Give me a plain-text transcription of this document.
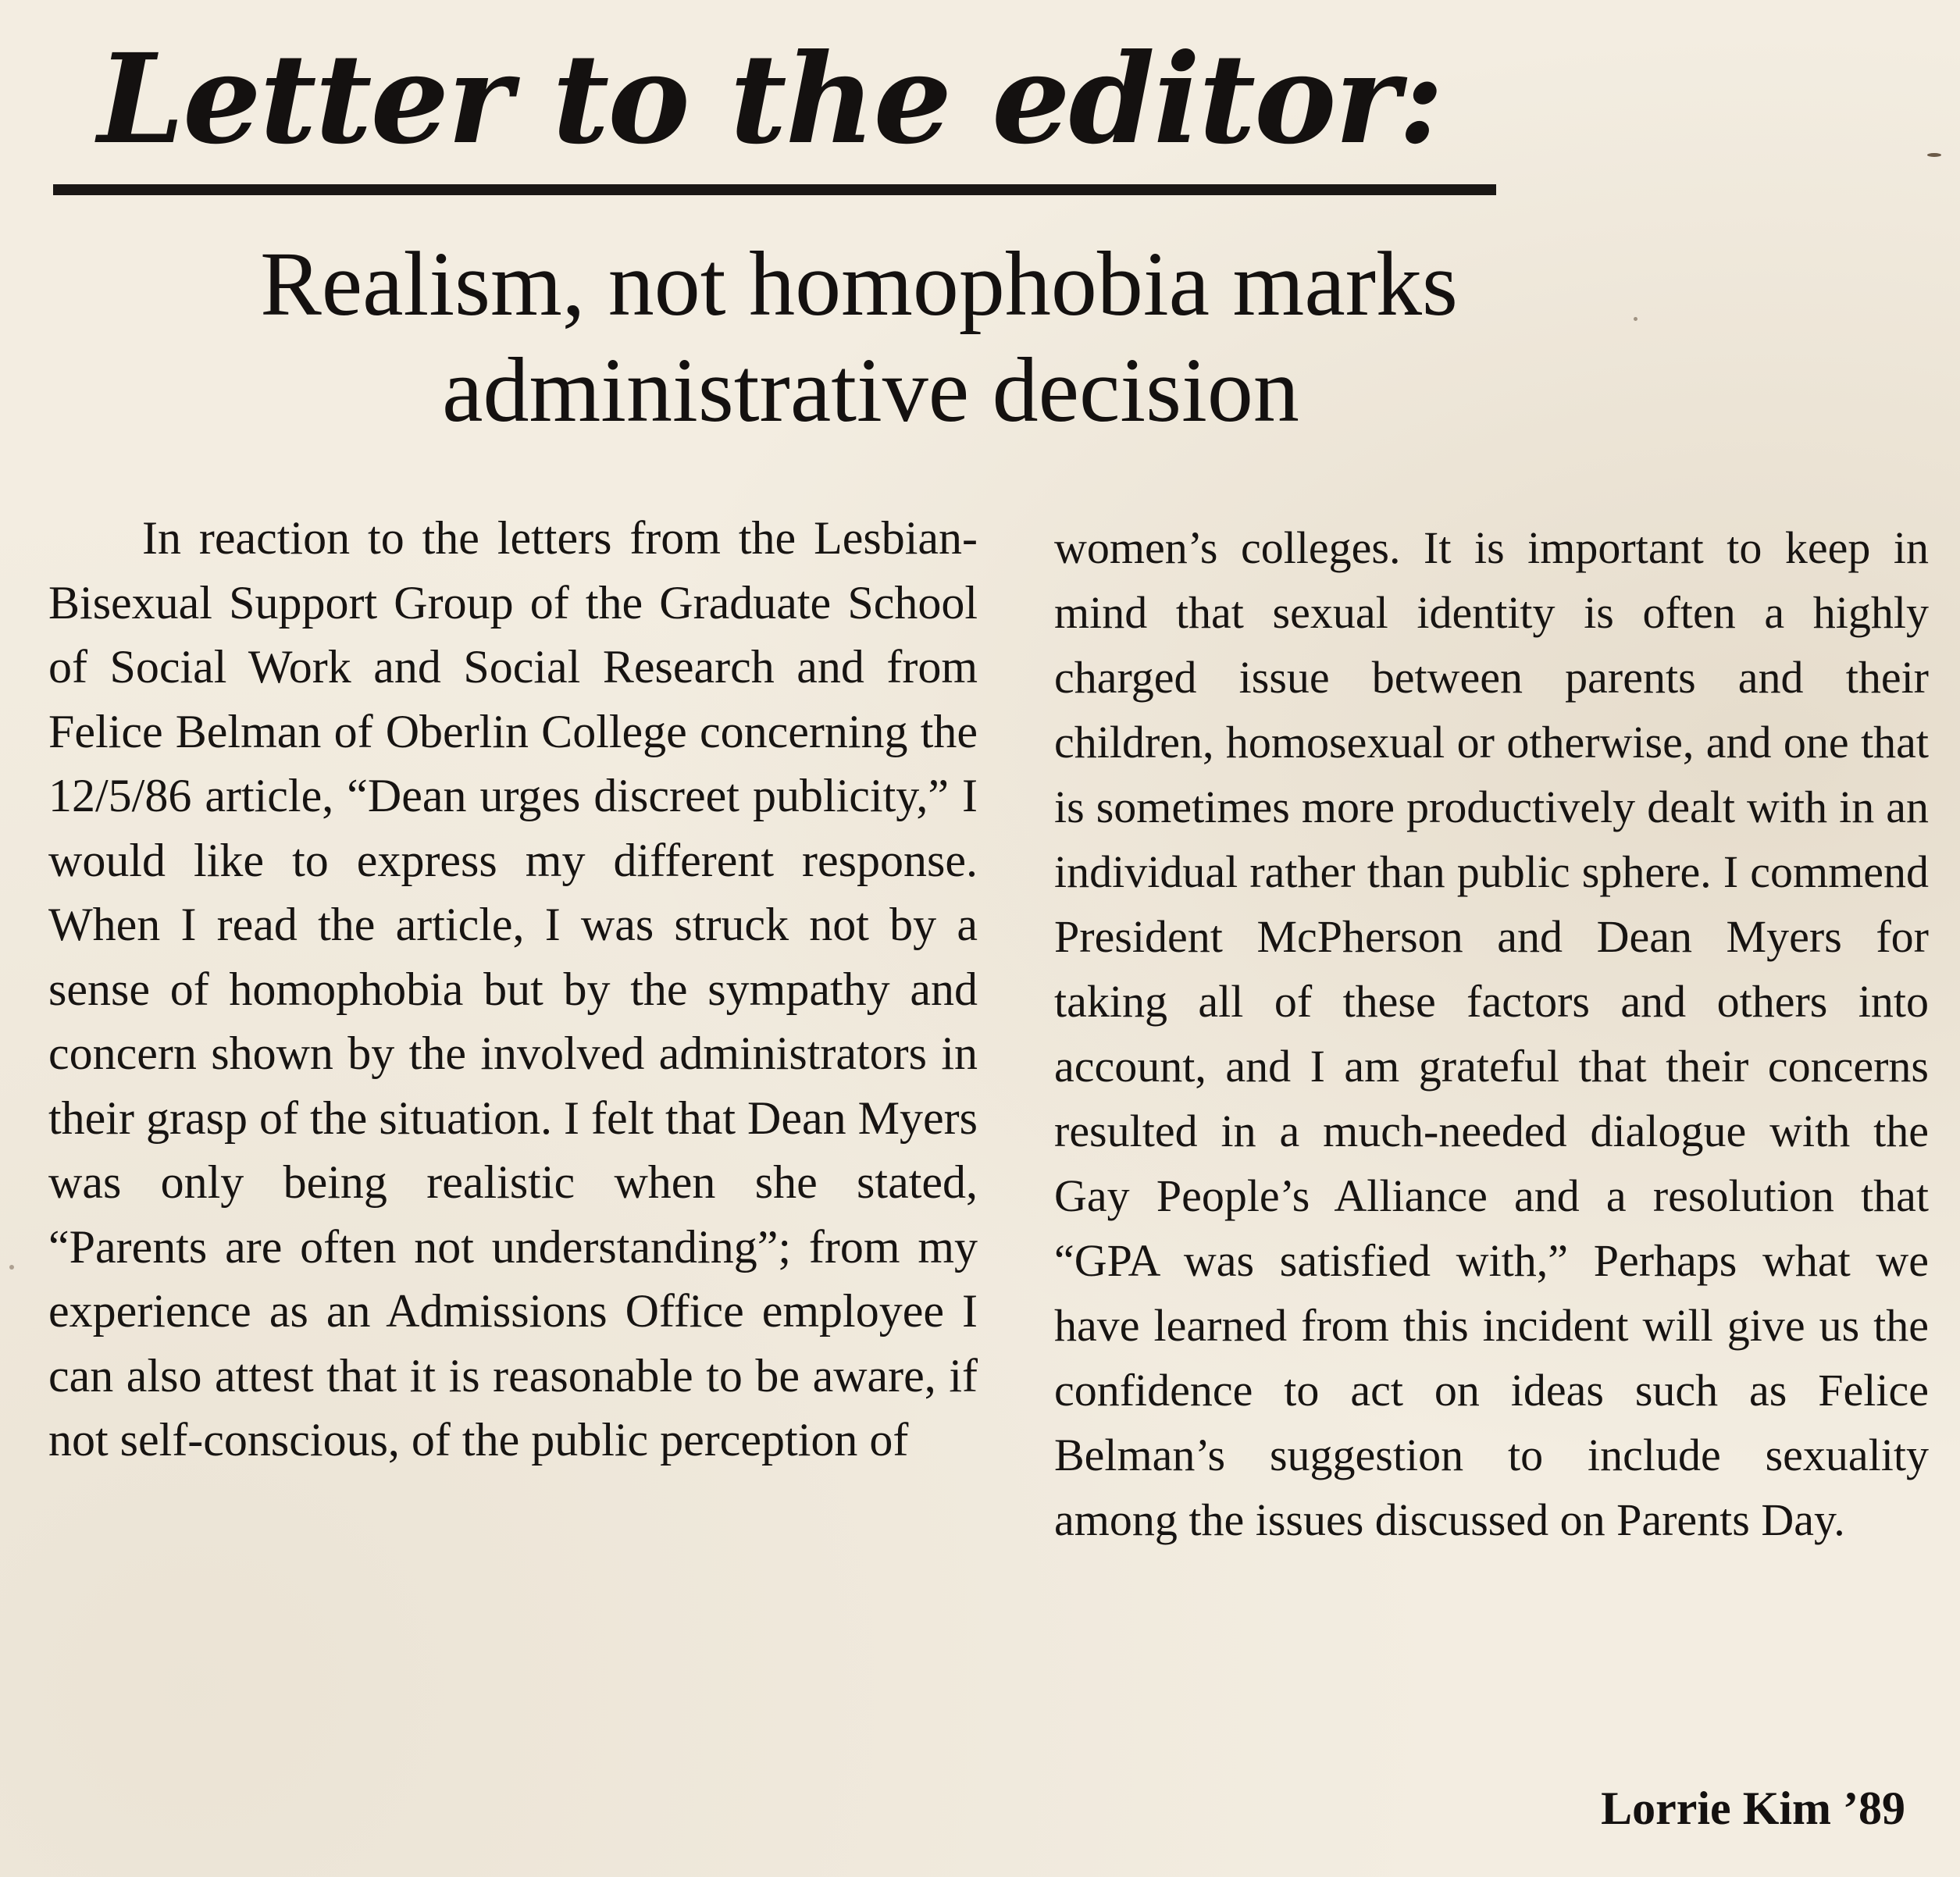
Letter to the editor:
Realism, not homophobia marks
administrative decision

In reaction to the letters from the Lesbian-Bisexual Support Group of the Graduate School of Social Work and Social Research and from Felice Belman of Oberlin College concerning the 12/5/86 article, “Dean urges discreet publicity,” I would like to express my different response. When I read the article, I was struck not by a sense of homophobia but by the sympathy and concern shown by the involved administrators in their grasp of the situation. I felt that Dean Myers was only being realistic when she stated, “Parents are often not understanding”; from my experience as an Admissions Office employee I can also attest that it is reasonable to be aware, if not self-conscious, of the public perception of

women’s colleges. It is important to keep in mind that sexual identity is often a highly charged issue between parents and their children, homosexual or otherwise, and one that is sometimes more productively dealt with in an individual rather than public sphere. I commend President McPherson and Dean Myers for taking all of these factors and others into account, and I am grateful that their concerns resulted in a much-needed dialogue with the Gay People’s Alliance and a resolution that “GPA was satisfied with,” Perhaps what we have learned from this incident will give us the confidence to act on ideas such as Felice Belman’s suggestion to include sexuality among the issues discussed on Parents Day.

Lorrie Kim ’89
